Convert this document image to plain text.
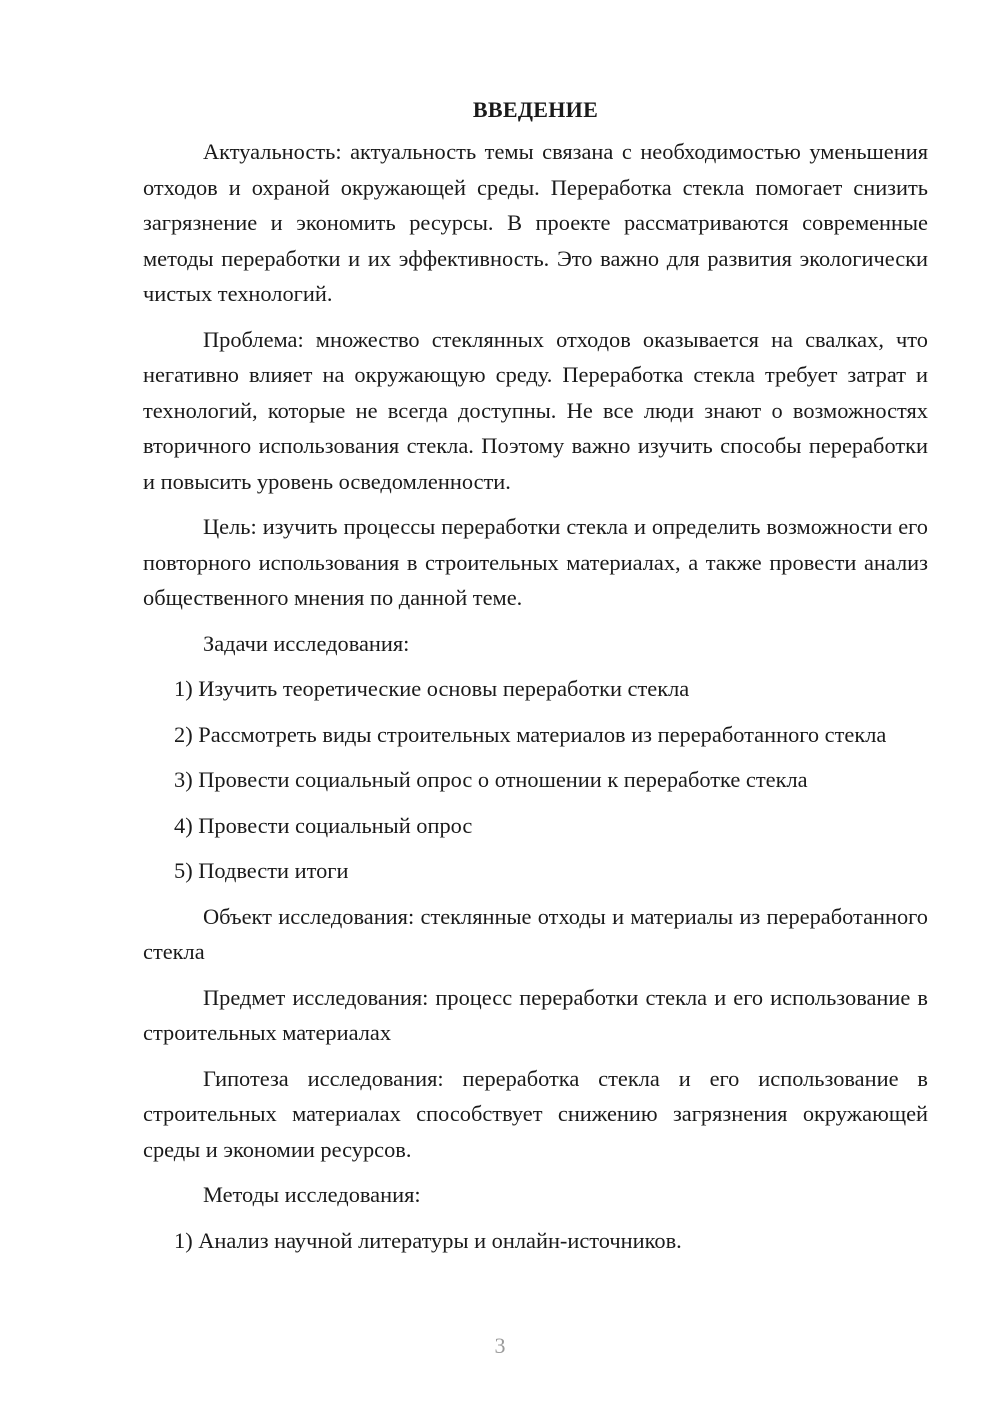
ВВЕДЕНИЕ

Актуальность: актуальность темы связана с необходимостью уменьшения отходов и охраной окружающей среды. Переработка стекла помогает снизить загрязнение и экономить ресурсы. В проекте рассматриваются современные методы переработки и их эффективность. Это важно для развития экологически чистых технологий.

Проблема: множество стеклянных отходов оказывается на свалках, что негативно влияет на окружающую среду. Переработка стекла требует затрат и технологий, которые не всегда доступны. Не все люди знают о возможностях вторичного использования стекла. Поэтому важно изучить способы переработки и повысить уровень осведомленности.

Цель: изучить процессы переработки стекла и определить возможности его повторного использования в строительных материалах, а также провести анализ общественного мнения по данной теме.

Задачи исследования:

1) Изучить теоретические основы переработки стекла

2) Рассмотреть виды строительных материалов из переработанного стекла

3) Провести социальный опрос о отношении к переработке стекла

4) Провести социальный опрос

5) Подвести итоги

Объект исследования: стеклянные отходы и материалы из переработанного стекла

Предмет исследования: процесс переработки стекла и его использование в строительных материалах

Гипотеза исследования: переработка стекла и его использование в строительных материалах способствует снижению загрязнения окружающей среды и экономии ресурсов.

Методы исследования:

1) Анализ научной литературы и онлайн-источников.

3
